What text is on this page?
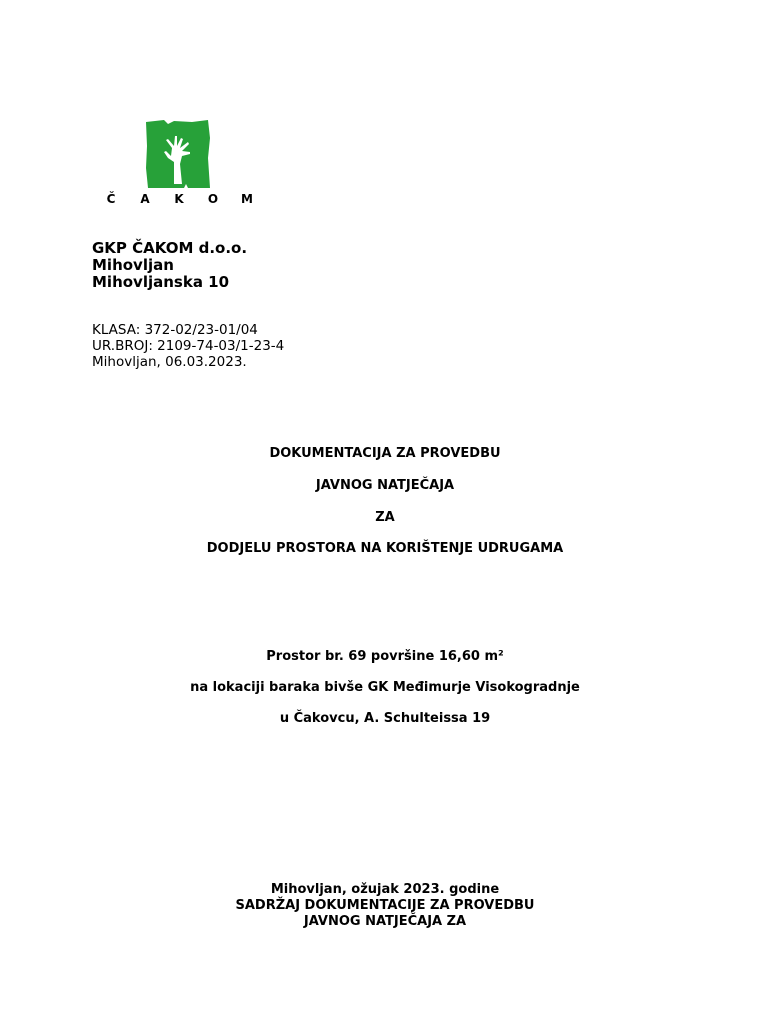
Č A K O M
GKP ČAKOM d.o.o.
Mihovljan
Mihovljanska 10
KLASA: 372-02/23-01/04
UR.BROJ: 2109-74-03/1-23-4
Mihovljan, 06.03.2023.
DOKUMENTACIJA ZA PROVEDBU
JAVNOG NATJEČAJA
ZA
DODJELU PROSTORA NA KORIŠTENJE UDRUGAMA
Prostor br. 69 površine 16,60 m²
na lokaciji baraka bivše GK Međimurje Visokogradnje
u Čakovcu, A. Schulteissa 19
Mihovljan, ožujak 2023. godine
SADRŽAJ DOKUMENTACIJE ZA PROVEDBU
JAVNOG NATJEČAJA ZA
